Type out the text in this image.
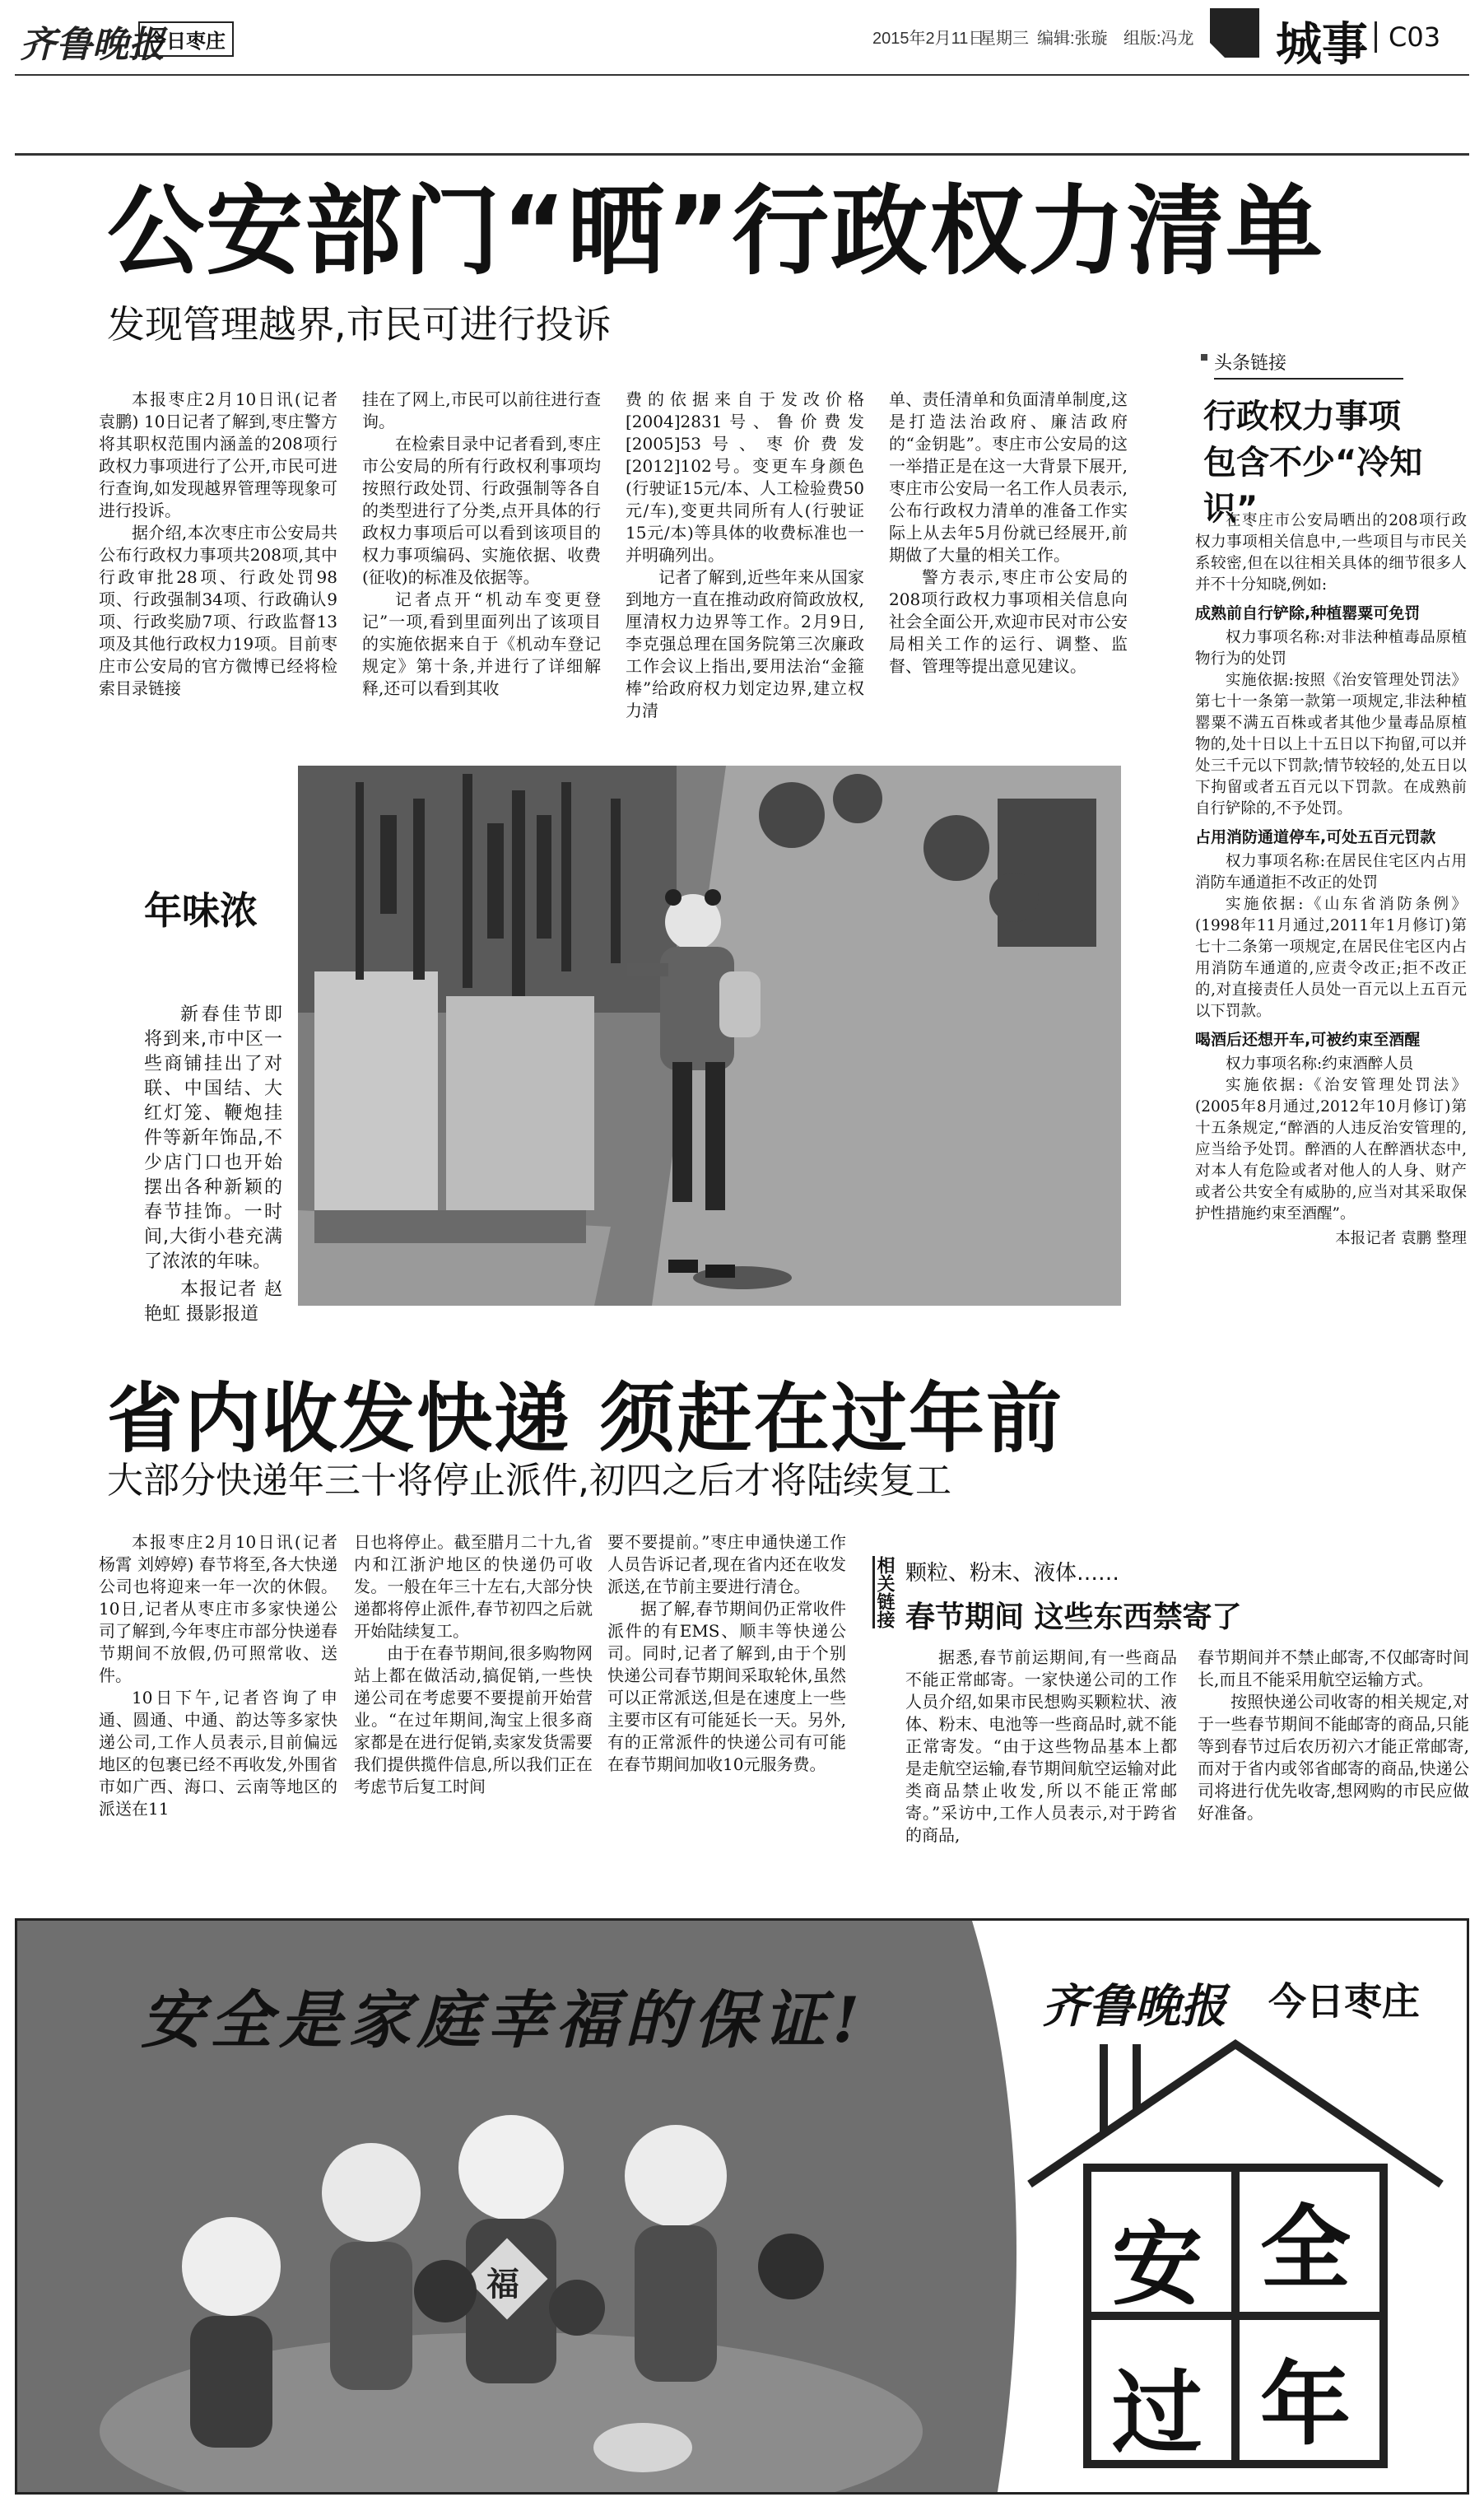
齐鲁晚报
今日枣庄	2015年2月11日
星期三 编辑:张璇 组版:冯龙 城事 C03
公安部门“晒”行政权力清单
发现管理越界,市民可进行投诉

本报枣庄2月10日讯(记者 袁鹏) 10日记者了解到,枣庄警方将其职权范围内涵盖的208项行政权力事项进行了公开,市民可进行查询,如发现越界管理等现象可进行投诉。

据介绍,本次枣庄市公安局共公布行政权力事项共208项,其中行政审批28项、行政处罚98项、行政强制34项、行政确认9项、行政奖励7项、行政监督13项及其他行政权力19项。目前枣庄市公安局的官方微博已经将检索目录链接

挂在了网上,市民可以前往进行查询。

在检索目录中记者看到,枣庄市公安局的所有行政权利事项均按照行政处罚、行政强制等各自的类型进行了分类,点开具体的行政权力事项后可以看到该项目的权力事项编码、实施依据、收费(征收)的标准及依据等。

记者点开“机动车变更登记”一项,看到里面列出了该项目的实施依据来自于《机动车登记规定》第十条,并进行了详细解释,还可以看到其收

费的依据来自于发改价格[2004]2831号、鲁价费发[2005]53号、枣价费发[2012]102号。变更车身颜色(行驶证15元/本、人工检验费50元/车),变更共同所有人(行驶证15元/本)等具体的收费标准也一并明确列出。

记者了解到,近些年来从国家到地方一直在推动政府简政放权,厘清权力边界等工作。2月9日,李克强总理在国务院第三次廉政工作会议上指出,要用法治“金箍棒”给政府权力划定边界,建立权力清

单、责任清单和负面清单制度,这是打造法治政府、廉洁政府的“金钥匙”。枣庄市公安局的这一举措正是在这一大背景下展开,枣庄市公安局一名工作人员表示,公布行政权力清单的准备工作实际上从去年5月份就已经展开,前期做了大量的相关工作。

警方表示,枣庄市公安局的208项行政权力事项相关信息向社会全面公开,欢迎市民对市公安局相关工作的运行、调整、监督、管理等提出意见建议。

头条链接
行政权力事项
包含不少“冷知识”

在枣庄市公安局晒出的208项行政权力事项相关信息中,一些项目与市民关系较密,但在以往相关具体的细节很多人并不十分知晓,例如:

成熟前自行铲除,种植罂粟可免罚

权力事项名称:对非法种植毒品原植物行为的处罚

实施依据:按照《治安管理处罚法》第七十一条第一款第一项规定,非法种植罂粟不满五百株或者其他少量毒品原植物的,处十日以上十五日以下拘留,可以并处三千元以下罚款;情节较轻的,处五日以下拘留或者五百元以下罚款。在成熟前自行铲除的,不予处罚。

占用消防通道停车,可处五百元罚款

权力事项名称:在居民住宅区内占用消防车通道拒不改正的处罚

实施依据:《山东省消防条例》(1998年11月通过,2011年1月修订)第七十二条第一项规定,在居民住宅区内占用消防车通道的,应责令改正;拒不改正的,对直接责任人员处一百元以上五百元以下罚款。

喝酒后还想开车,可被约束至酒醒

权力事项名称:约束酒醉人员

实施依据:《治安管理处罚法》(2005年8月通过,2012年10月修订)第十五条规定,“醉酒的人违反治安管理的,应当给予处罚。醉酒的人在醉酒状态中,对本人有危险或者对他人的人身、财产或者公共安全有威胁的,应当对其采取保护性措施约束至酒醒”。

本报记者 袁鹏 整理

年味浓

新春佳节即将到来,市中区一些商铺挂出了对联、中国结、大红灯笼、鞭炮挂件等新年饰品,不少店门口也开始摆出各种新颖的春节挂饰。一时间,大街小巷充满了浓浓的年味。

本报记者 赵艳虹 摄影报道

省内收发快递 须赶在过年前
大部分快递年三十将停止派件,初四之后才将陆续复工

本报枣庄2月10日讯(记者 杨霄 刘婷婷) 春节将至,各大快递公司也将迎来一年一次的休假。10日,记者从枣庄市多家快递公司了解到,今年枣庄市部分快递春节期间不放假,仍可照常收、送件。

10日下午,记者咨询了申通、圆通、中通、韵达等多家快递公司,工作人员表示,目前偏远地区的包裹已经不再收发,外围省市如广西、海口、云南等地区的派送在11

日也将停止。截至腊月二十九,省内和江浙沪地区的快递仍可收发。一般在年三十左右,大部分快递都将停止派件,春节初四之后就开始陆续复工。

由于在春节期间,很多购物网站上都在做活动,搞促销,一些快递公司在考虑要不要提前开始营业。“在过年期间,淘宝上很多商家都是在进行促销,卖家发货需要我们提供揽件信息,所以我们正在考虑节后复工时间

要不要提前。”枣庄申通快递工作人员告诉记者,现在省内还在收发派送,在节前主要进行清仓。

据了解,春节期间仍正常收件派件的有EMS、顺丰等快递公司。同时,记者了解到,由于个别快递公司春节期间采取轮休,虽然可以正常派送,但是在速度上一些主要市区有可能延长一天。另外,有的正常派件的快递公司有可能在春节期间加收10元服务费。

相关链接 颗粒、粉末、液体……
春节期间 这些东西禁寄了

据悉,春节前运期间,有一些商品不能正常邮寄。一家快递公司的工作人员介绍,如果市民想购买颗粒状、液体、粉末、电池等一些商品时,就不能正常寄发。“由于这些物品基本上都是走航空运输,春节期间航空运输对此类商品禁止收发,所以不能正常邮寄。”采访中,工作人员表示,对于跨省的商品,

春节期间并不禁止邮寄,不仅邮寄时间长,而且不能采用航空运输方式。

按照快递公司收寄的相关规定,对于一些春节期间不能邮寄的商品,只能等到春节过后农历初六才能正常邮寄,而对于省内或邻省邮寄的商品,快递公司将进行优先收寄,想网购的市民应做好准备。

安全是家庭幸福的保证!	齐鲁晚报 今日枣庄
安 全
过 年
福
